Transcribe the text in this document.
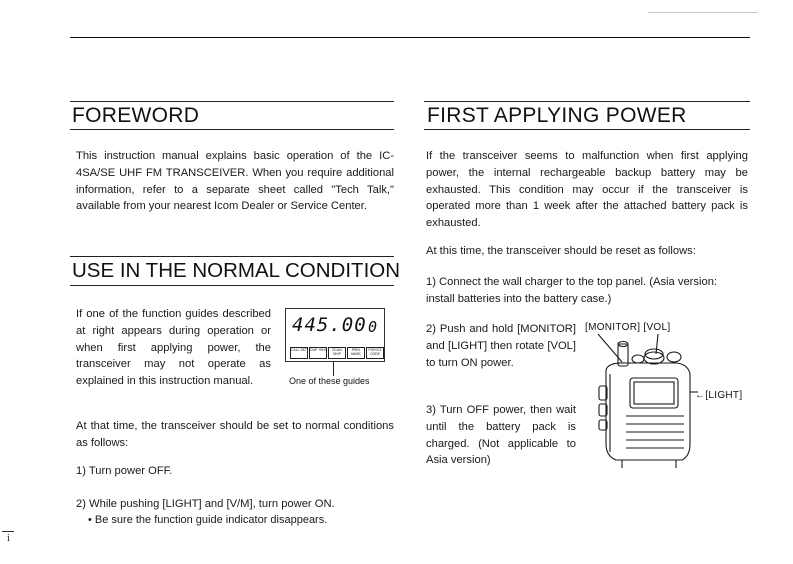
FOREWORD
This instruction manual explains basic operation of the IC-4SA/SE UHF FM TRANSCEIVER. When you require additional information, refer to a separate sheet called "Tech Talk," available from your nearest Icom Dealer or Service Center.
USE IN THE NORMAL CONDITION
If one of the function guides described at right appears during operation or when first applying power, the transceiver may not operate as explained in this instruction manual.
445.00 0
CALL SET DUP +SHI	SCAN SKIP
PRIO MASK
PGR/CS CODE
One of these guides
At that time, the transceiver should be set to normal conditions as follows:
1) Turn power OFF.
2) While pushing [LIGHT] and [V/M], turn power ON.
• Be sure the function guide indicator disappears.
i
FIRST APPLYING POWER
If the transceiver seems to malfunction when first applying power, the internal rechargeable backup battery may be exhausted. This condition may occur if the transceiver is operated more than 1 week after the attached battery pack is exhausted.
At this time, the transceiver should be reset as follows:
1) Connect the wall charger to the top panel. (Asia version: install batteries into the battery case.)
2) Push and hold [MONITOR] and [LIGHT] then rotate [VOL] to turn ON power.
3) Turn OFF power, then wait until the battery pack is charged. (Not applicable to Asia version)
[MONITOR] [VOL]
←[LIGHT]
